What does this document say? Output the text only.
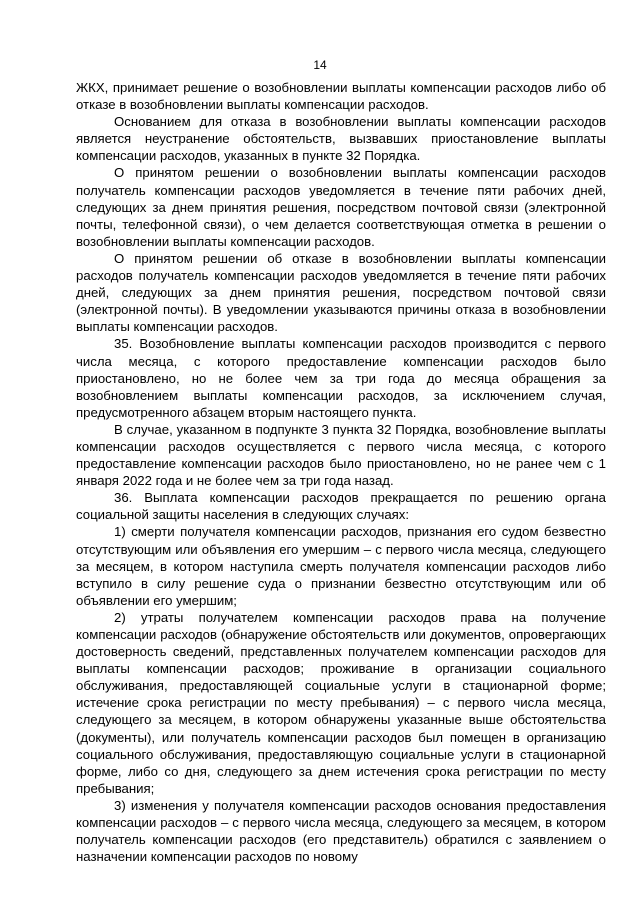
14

ЖКХ, принимает решение о возобновлении выплаты компенсации расходов либо об отказе в возобновлении выплаты компенсации расходов.

Основанием для отказа в возобновлении выплаты компенсации расходов является неустранение обстоятельств, вызвавших приостановление выплаты компенсации расходов, указанных в пункте 32 Порядка.

О принятом решении о возобновлении выплаты компенсации расходов получатель компенсации расходов уведомляется в течение пяти рабочих дней, следующих за днем принятия решения, посредством почтовой связи (электронной почты, телефонной связи), о чем делается соответствующая отметка в решении о возобновлении выплаты компенсации расходов.

О принятом решении об отказе в возобновлении выплаты компенсации расходов получатель компенсации расходов уведомляется в течение пяти рабочих дней, следующих за днем принятия решения, посредством почтовой связи (электронной почты). В уведомлении указываются причины отказа в возобновлении выплаты компенсации расходов.

35. Возобновление выплаты компенсации расходов производится с первого числа месяца, с которого предоставление компенсации расходов было приостановлено, но не более чем за три года до месяца обращения за возобновлением выплаты компенсации расходов, за исключением случая, предусмотренного абзацем вторым настоящего пункта.

В случае, указанном в подпункте 3 пункта 32 Порядка, возобновление выплаты компенсации расходов осуществляется с первого числа месяца, с которого предоставление компенсации расходов было приостановлено, но не ранее чем с 1 января 2022 года и не более чем за три года назад.

36. Выплата компенсации расходов прекращается по решению органа социальной защиты населения в следующих случаях:

1) смерти получателя компенсации расходов, признания его судом безвестно отсутствующим или объявления его умершим – с первого числа месяца, следующего за месяцем, в котором наступила смерть получателя компенсации расходов либо вступило в силу решение суда о признании безвестно отсутствующим или об объявлении его умершим;

2) утраты получателем компенсации расходов права на получение компенсации расходов (обнаружение обстоятельств или документов, опровергающих достоверность сведений, представленных получателем компенсации расходов для выплаты компенсации расходов; проживание в организации социального обслуживания, предоставляющей социальные услуги в стационарной форме; истечение срока регистрации по месту пребывания) – с первого числа месяца, следующего за месяцем, в котором обнаружены указанные выше обстоятельства (документы), или получатель компенсации расходов был помещен в организацию социального обслуживания, предоставляющую социальные услуги в стационарной форме, либо со дня, следующего за днем истечения срока регистрации по месту пребывания;

3) изменения у получателя компенсации расходов основания предоставления компенсации расходов – с первого числа месяца, следующего за месяцем, в котором получатель компенсации расходов (его представитель) обратился с заявлением о назначении компенсации расходов по новому
